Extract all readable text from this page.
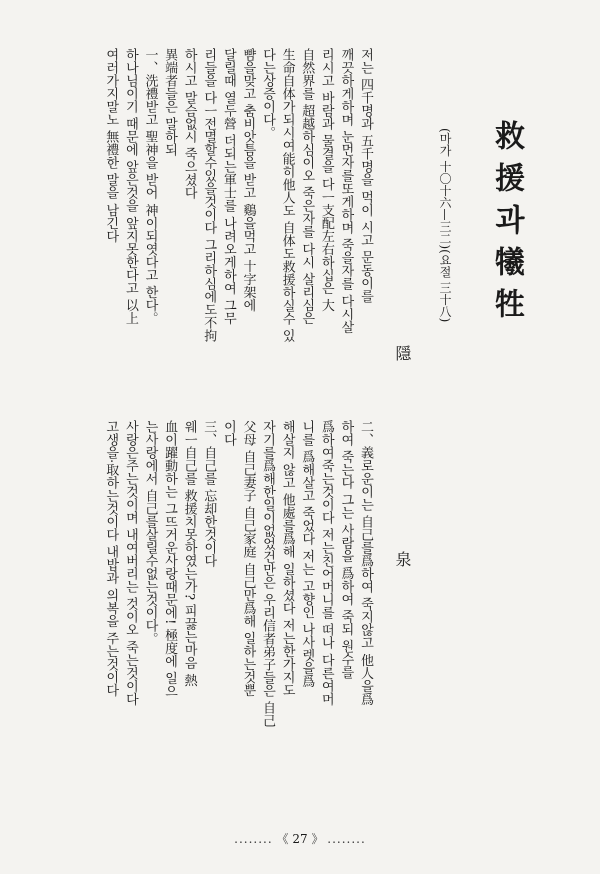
救援과犧牲
(마가 十〇十六—三二)(요절 三十八)
隱泉
二、義로운이는 自己를爲하여 죽지않고 他人을爲
하여 죽는다 그는 사람을 爲하여 죽되 원수를
爲하여죽는것이다 저는친어머니를 떠나 다른여머
니를 爲해살고 죽었다 저는 고향인 나사렛을爲
해살지 않고 他處를爲해 일하셨다 저는한가지도
자기를爲해한일이없었건만은 우리信者弟子들은 自己
父母 自己妻子 自己家庭 自己만爲해 일하는것뿐
이다
三、自己를 忘却한것이다
웨ㅡ自己를 救援치못하였는가? 피끓는마음 熱
血이躍動하는 그뜨거운사랑때문에! 極度에 일으
는사랑에서 自己를살릴수없는것이다。
사랑은주는것이며 내여버리는 것이오 죽는것이다
고생을·取하는것이다 내밥과 의복을 주는것이다
저는 四千명과 五千명을 먹이 시고 문동이를
깨끗하게하며 눈먼자를또게하며 죽을자를 다시살
리시고 바람과 물결을 다ㅡ支配左右하십은 大
自然界를 超越하심이오 죽은자를 다시 살리심은
生命自体가되시여能히他人도 自体도救援하실수 있
다는상증이다。
뺨을맞고 춤비앗틈을 받고 鷄을먹고 十字架에
달릴때 열두營 더되는軍士를 나려오게하여 그무
리들을 다ㅡ전멸할수있을것이다 그리하심에도不拘
하시고 말슴없시 죽으셨다
異端者들은 말하되
一、洗禮받고 聖神을 받어 神이되엿다고 한다。
하나님이기 때문에 앞은것을 앞지못한다고 以上
여러가지말노 無禮한 말을 남긴다
........ 《 27 》 ........
